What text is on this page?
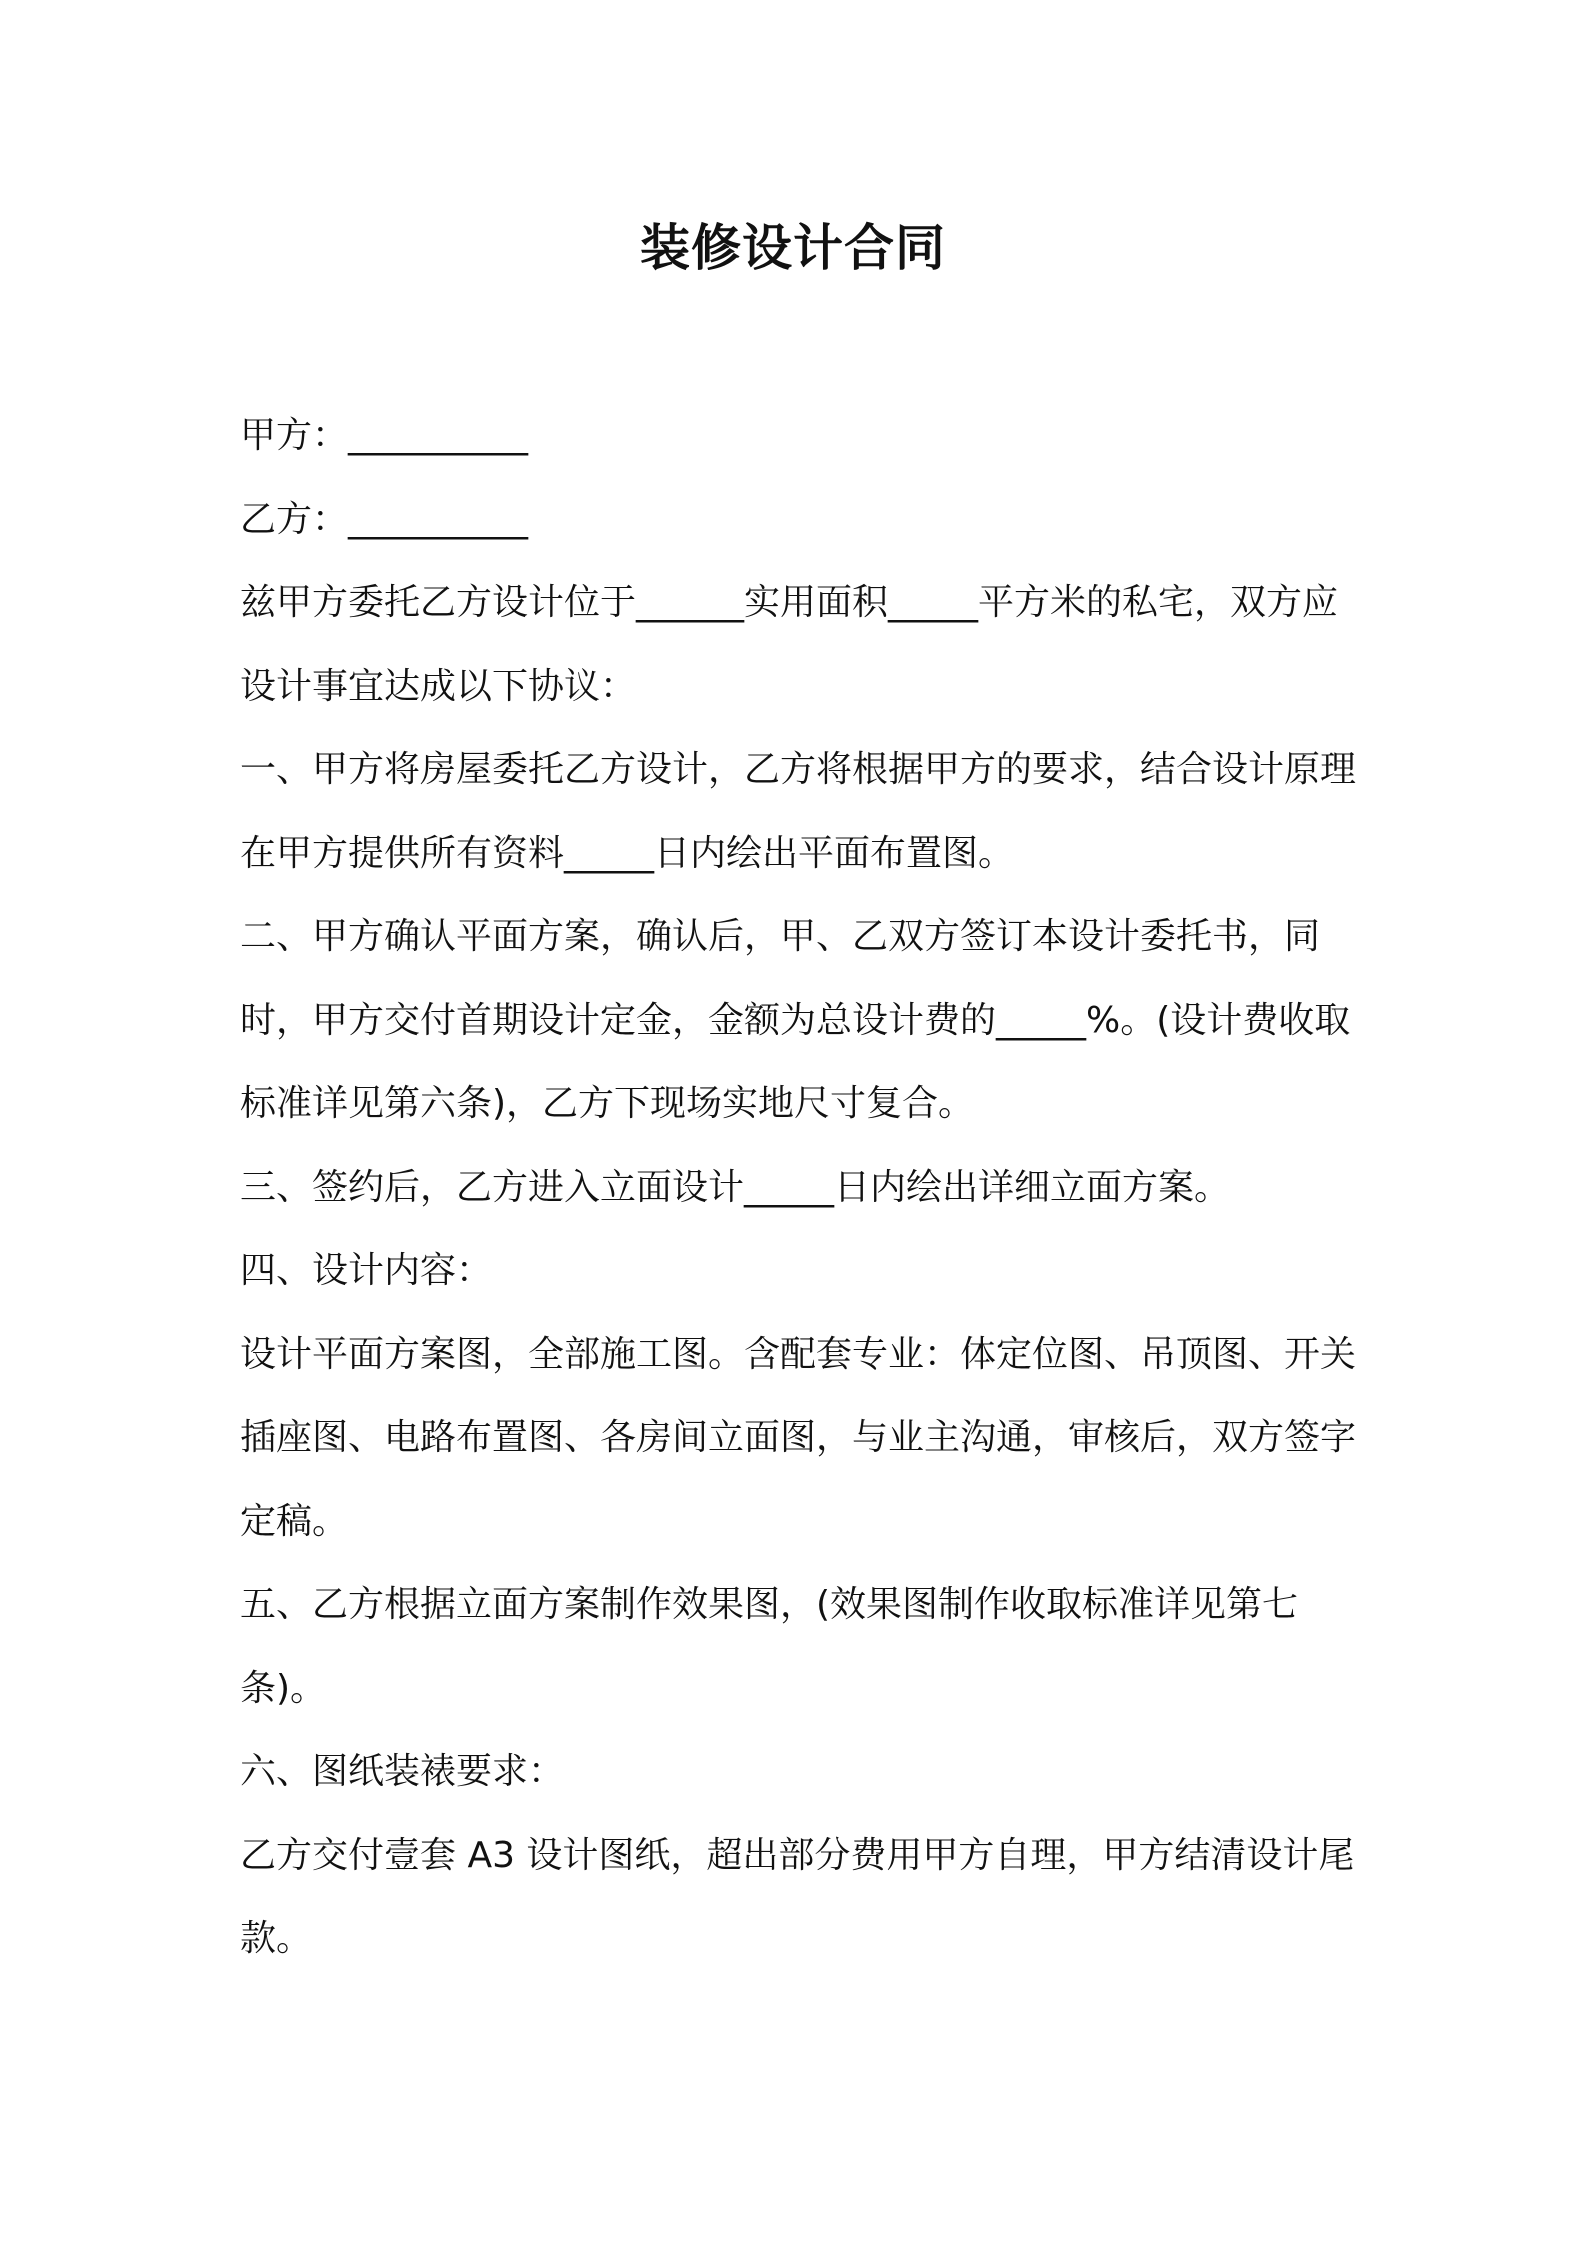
装修设计合同

甲方：__________

乙方：__________

兹甲方委托乙方设计位于______实用面积_____平方米的私宅，双方应设计事宜达成以下协议：

一、甲方将房屋委托乙方设计，乙方将根据甲方的要求，结合设计原理在甲方提供所有资料_____日内绘出平面布置图。

二、甲方确认平面方案，确认后，甲、乙双方签订本设计委托书，同时，甲方交付首期设计定金，金额为总设计费的_____%。(设计费收取标准详见第六条)，乙方下现场实地尺寸复合。

三、签约后，乙方进入立面设计_____日内绘出详细立面方案。

四、设计内容：

设计平面方案图，全部施工图。含配套专业：体定位图、吊顶图、开关插座图、电路布置图、各房间立面图，与业主沟通，审核后，双方签字定稿。

五、乙方根据立面方案制作效果图，(效果图制作收取标准详见第七条)。

六、图纸装裱要求：

乙方交付壹套 A3 设计图纸，超出部分费用甲方自理，甲方结清设计尾款。
